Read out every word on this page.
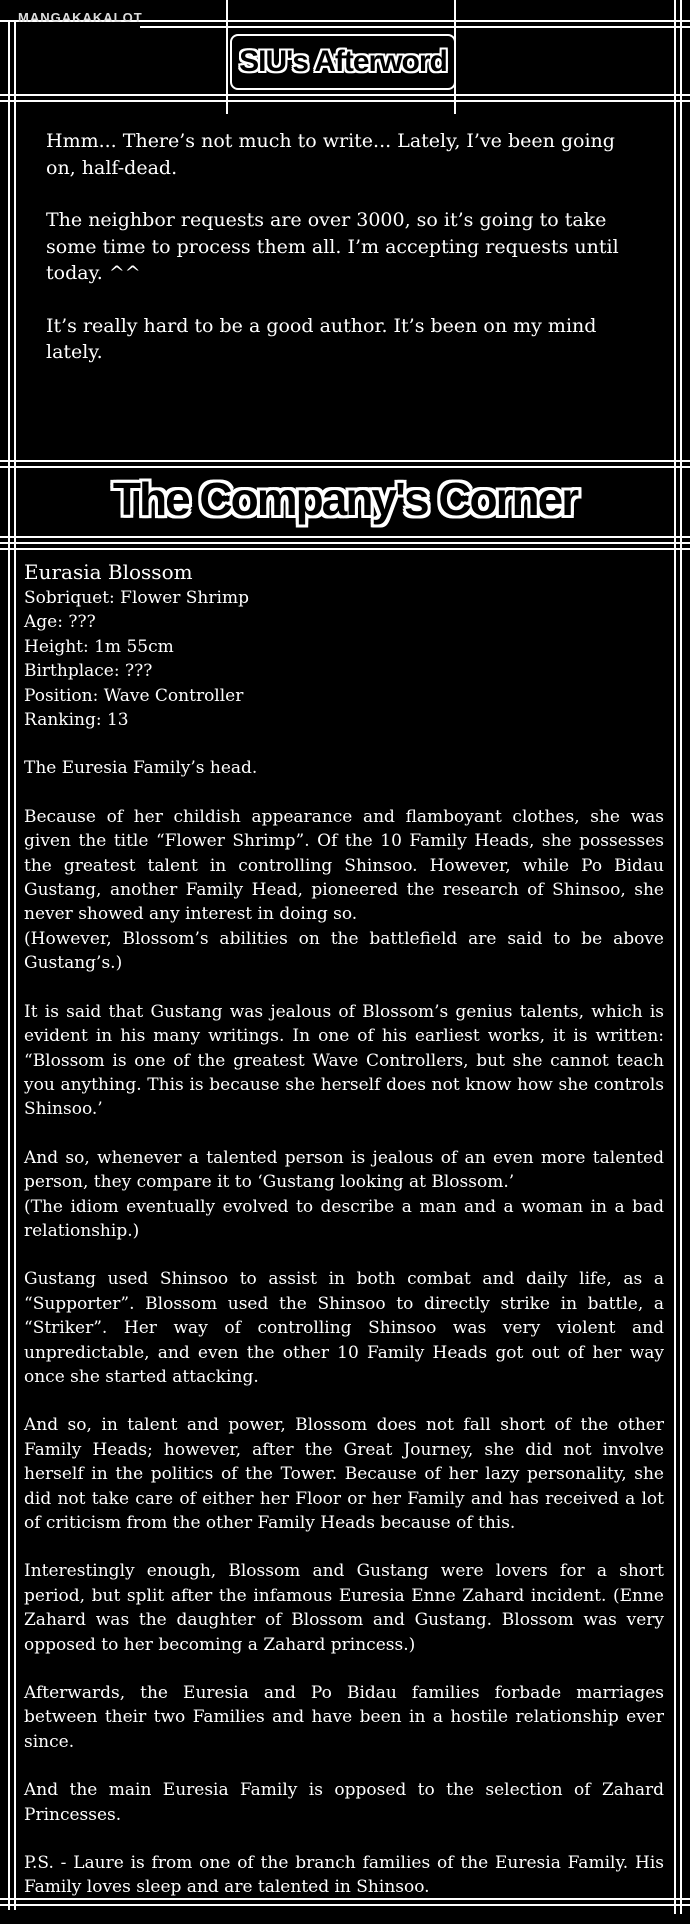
MANGAKAKALOT
SIU's Afterword

Hmm... There’s not much to write... Lately, I’ve been going on, half-dead.

The neighbor requests are over 3000, so it’s going to take some time to process them all. I’m accepting requests until today. ^^

It’s really hard to be a good author. It’s been on my mind lately.

The Company's Corner
Eurasia Blossom
Sobriquet: Flower Shrimp
Age: ???
Height: 1m 55cm
Birthplace: ???
Position: Wave Controller
Ranking: 13

The Euresia Family’s head.

Because of her childish appearance and flamboyant clothes, she was given the title “Flower Shrimp”. Of the 10 Family Heads, she possesses the greatest talent in controlling Shinsoo. However, while Po Bidau Gustang, another Family Head, pioneered the research of Shinsoo, she never showed any interest in doing so.

(However, Blossom’s abilities on the battlefield are said to be above Gustang’s.)

It is said that Gustang was jealous of Blossom’s genius talents, which is evident in his many writings. In one of his earliest works, it is written: “Blossom is one of the greatest Wave Controllers, but she cannot teach you anything. This is because she herself does not know how she controls Shinsoo.’

And so, whenever a talented person is jealous of an even more talented person, they compare it to ‘Gustang looking at Blossom.’

(The idiom eventually evolved to describe a man and a woman in a bad relationship.)

Gustang used Shinsoo to assist in both combat and daily life, as a “Supporter”. Blossom used the Shinsoo to directly strike in battle, a “Striker”. Her way of controlling Shinsoo was very violent and unpredictable, and even the other 10 Family Heads got out of her way once she started attacking.

And so, in talent and power, Blossom does not fall short of the other Family Heads; however, after the Great Journey, she did not involve herself in the politics of the Tower. Because of her lazy personality, she did not take care of either her Floor or her Family and has received a lot of criticism from the other Family Heads because of this.

Interestingly enough, Blossom and Gustang were lovers for a short period, but split after the infamous Euresia Enne Zahard incident. (Enne Zahard was the daughter of Blossom and Gustang. Blossom was very opposed to her becoming a Zahard princess.)

Afterwards, the Euresia and Po Bidau families forbade marriages between their two Families and have been in a hostile relationship ever since.

And the main Euresia Family is opposed to the selection of Zahard Princesses.

P.S. - Laure is from one of the branch families of the Euresia Family. His Family loves sleep and are talented in Shinsoo.
